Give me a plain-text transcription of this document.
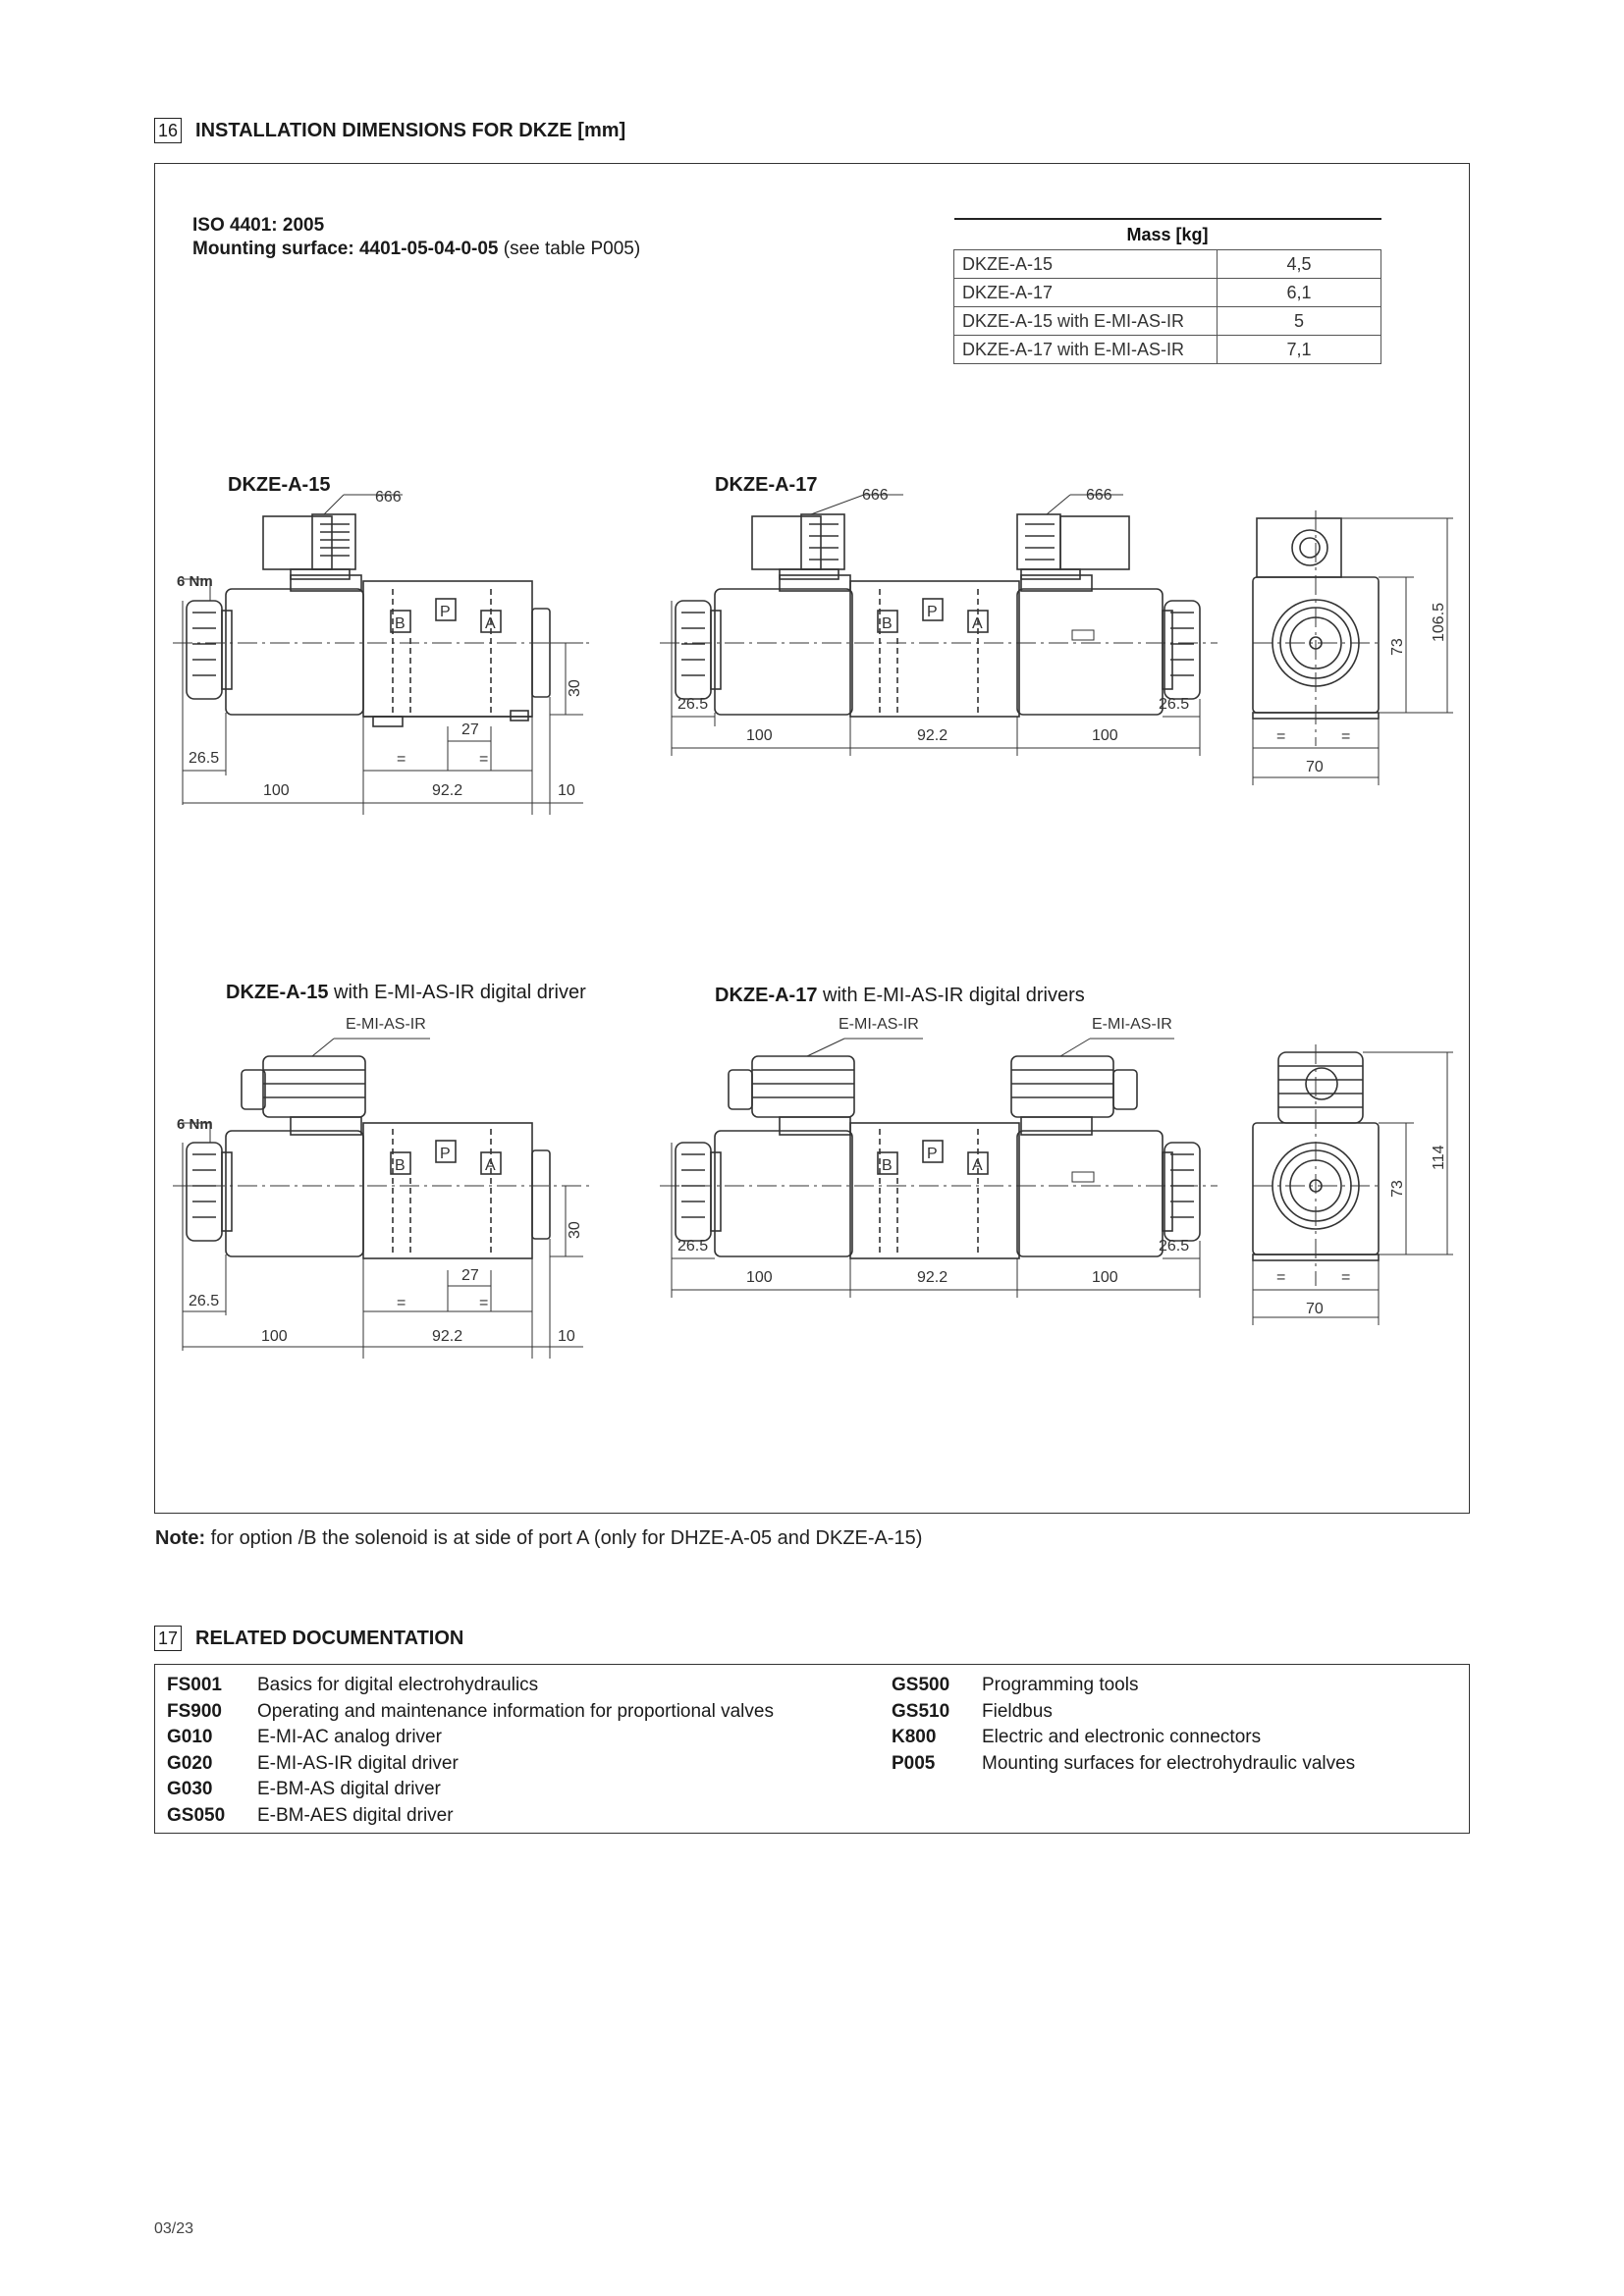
16 INSTALLATION DIMENSIONS FOR DKZE [mm]
ISO 4401: 2005
Mounting surface: 4401-05-04-0-05 (see table P005)
Mass [kg]	
DKZE-A-15	4,5
DKZE-A-17	6,1
DKZE-A-15 with E-MI-AS-IR	5
DKZE-A-17 with E-MI-AS-IR	7,1
DKZE-A-15	DKZE-A-17
DKZE-A-15 with E-MI-AS-IR digital driver	DKZE-A-17 with E-MI-AS-IR digital drivers
666	666	666
E-MI-AS-IR	E-MI-AS-IR	E-MI-AS-IR
6 Nm
6 Nm
B
P
A	B
P
A
B
P
A	B
P
A
26.5
100	92.2	10
27
=	=
30
26.5	26.5
100	92.2	100	=	=
70
73
106.5
26.5
100	92.2	10
27
=	=
30
26.5	26.5
100	92.2	100	=	=
70
73
114
Note: for option /B the solenoid is at side of port A (only for DHZE-A-05 and DKZE-A-15)
17 RELATED DOCUMENTATION
FS001	Basics for digital electrohydraulics
FS900	Operating and maintenance information for proportional valves
G010	E-MI-AC analog driver
G020	E-MI-AS-IR digital driver
G030	E-BM-AS digital driver
GS050	E-BM-AES digital driver
GS500	Programming tools
GS510	Fieldbus
K800	Electric and electronic connectors
P005	Mounting surfaces for electrohydraulic valves
03/23
